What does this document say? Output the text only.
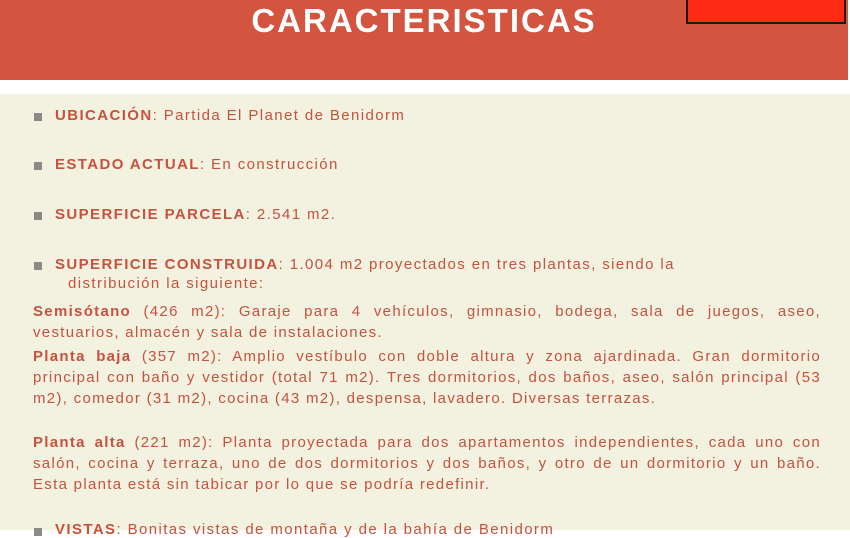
CARACTERISTICAS
UBICACIÓN: Partida El Planet de Benidorm
ESTADO ACTUAL: En construcción
SUPERFICIE PARCELA: 2.541 m2.
SUPERFICIE CONSTRUIDA: 1.004 m2 proyectados en tres plantas, siendo la
distribución la siguiente:
Semisótano (426 m2): Garaje para 4 vehículos, gimnasio, bodega, sala de juegos, aseo, vestuarios, almacén y sala de instalaciones.
Planta baja (357 m2): Amplio vestíbulo con doble altura y zona ajardinada. Gran dormitorio principal con baño y vestidor (total 71 m2). Tres dormitorios, dos baños, aseo, salón principal (53 m2), comedor (31 m2), cocina (43 m2), despensa, lavadero. Diversas terrazas.
Planta alta (221 m2): Planta proyectada para dos apartamentos independientes, cada uno con salón, cocina y terraza, uno de dos dormitorios y dos baños, y otro de un dormitorio y un baño. Esta planta está sin tabicar por lo que se podría redefinir.
VISTAS: Bonitas vistas de montaña y de la bahía de Benidorm
